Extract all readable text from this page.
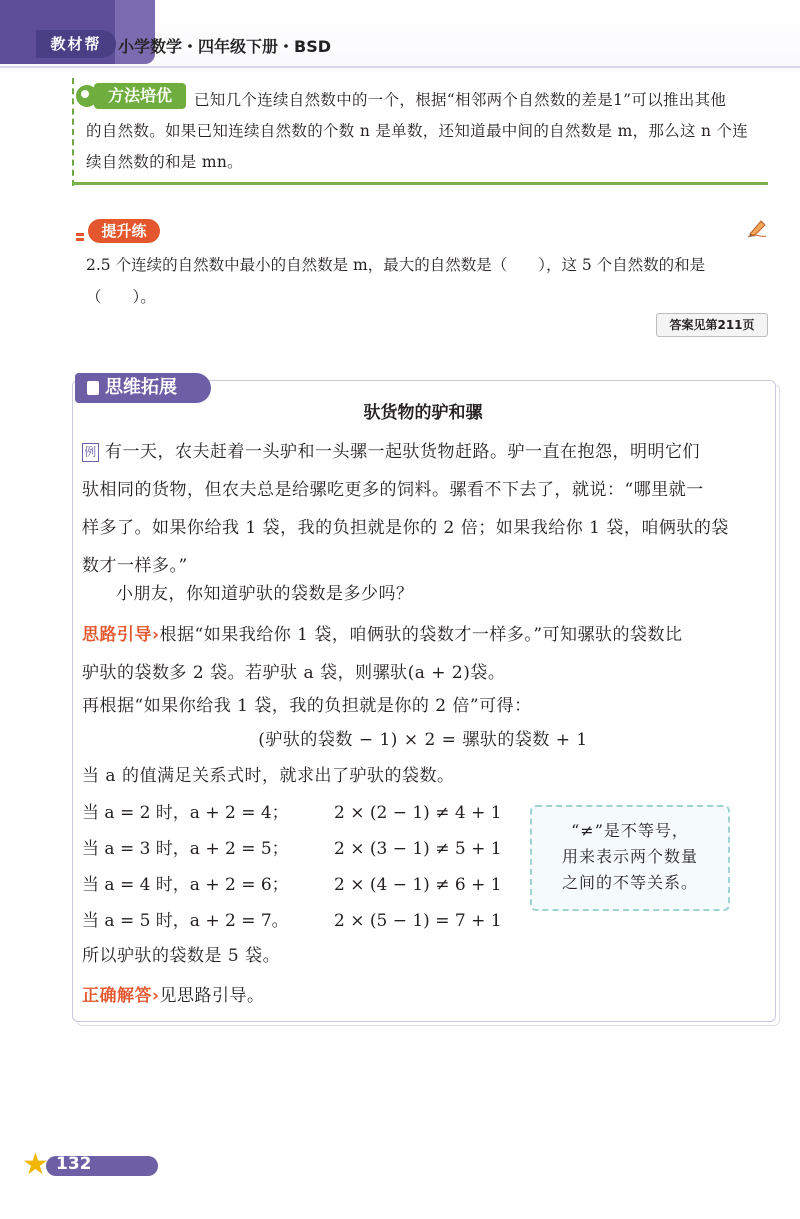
教材帮	小学数学・四年级下册・BSD
已知几个连续自然数中的一个，根据“相邻两个自然数的差是1”可以推出其他
的自然数。如果已知连续自然数的个数 n 是单数，还知道最中间的自然数是 m，那么这 n 个连
续自然数的和是 mn。
方法培优
提升练
2.5 个连续的自然数中最小的自然数是 m，最大的自然数是（　　），这 5 个自然数的和是
（　　）。
答案见第211页
思维拓展
驮货物的驴和骡
例 有一天，农夫赶着一头驴和一头骡一起驮货物赶路。驴一直在抱怨，明明它们
驮相同的货物，但农夫总是给骡吃更多的饲料。骡看不下去了，就说：“哪里就一
样多了。如果你给我 1 袋，我的负担就是你的 2 倍；如果我给你 1 袋，咱俩驮的袋
数才一样多。”
小朋友，你知道驴驮的袋数是多少吗？
思路引导›根据“如果我给你 1 袋，咱俩驮的袋数才一样多。”可知骡驮的袋数比
驴驮的袋数多 2 袋。若驴驮 a 袋，则骡驮(a + 2)袋。
再根据“如果你给我 1 袋，我的负担就是你的 2 倍”可得：
(驴驮的袋数 − 1) × 2 = 骡驮的袋数 + 1
当 a 的值满足关系式时，就求出了驴驮的袋数。
当 a = 2 时，a + 2 = 4；	2 × (2 − 1) ≠ 4 + 1
当 a = 3 时，a + 2 = 5；	2 × (3 − 1) ≠ 5 + 1
当 a = 4 时，a + 2 = 6；	2 × (4 − 1) ≠ 6 + 1
当 a = 5 时，a + 2 = 7。	2 × (5 − 1) = 7 + 1
“≠”是不等号，
用来表示两个数量
之间的不等关系。
所以驴驮的袋数是 5 袋。
正确解答›见思路引导。
★ 132
